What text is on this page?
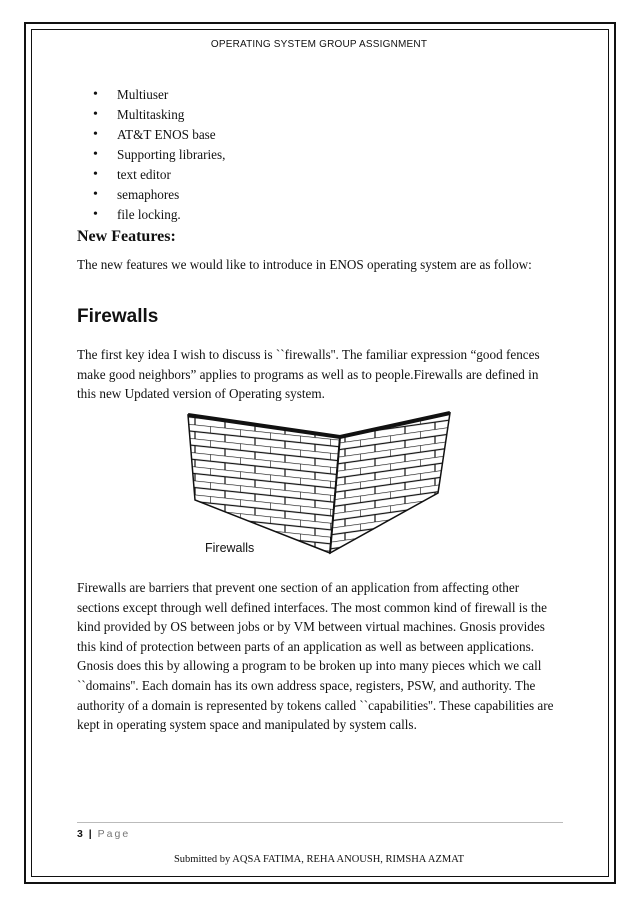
OPERATING SYSTEM GROUP ASSIGNMENT
• Multiuser
• Multitasking
• AT&T ENOS base
• Supporting libraries,
• text editor
• semaphores
• file locking.
New Features:

The new features we would like to introduce in ENOS operating system are as follow:

Firewalls

The first key idea I wish to discuss is ``firewalls''. The familiar expression “good fences make good neighbors” applies to programs as well as to people.Firewalls are defined in this new Updated version of Operating system.

Firewalls

Firewalls are barriers that prevent one section of an application from affecting other sections except through well defined interfaces. The most common kind of firewall is the kind provided by OS between jobs or by VM between virtual machines. Gnosis provides this kind of protection between parts of an application as well as between applications. Gnosis does this by allowing a program to be broken up into many pieces which we call ``domains''. Each domain has its own address space, registers, PSW, and authority. The authority of a domain is represented by tokens called ``capabilities''. These capabilities are kept in operating system space and manipulated by system calls.

3 | Page
Submitted by AQSA FATIMA, REHA ANOUSH, RIMSHA AZMAT
